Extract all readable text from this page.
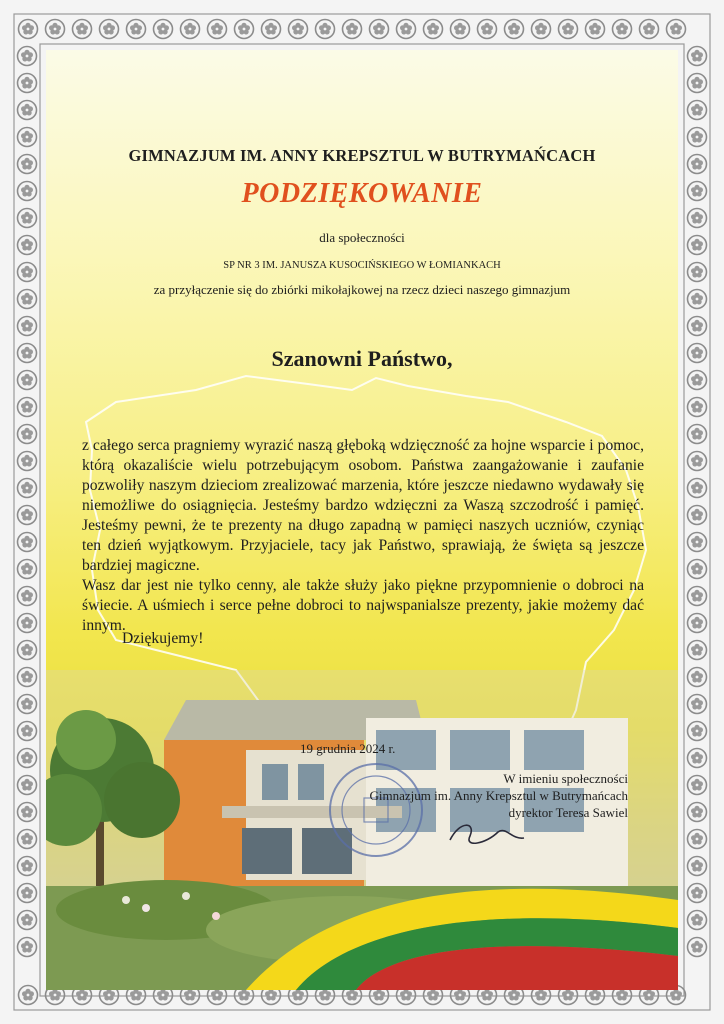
GIMNAZJUM IM. ANNY KREPSZTUL W BUTRYMAŃCACH
PODZIĘKOWANIE
dla społeczności
SP NR 3 IM. JANUSZA KUSOCIŃSKIEGO W ŁOMIANKACH
za przyłączenie się do zbiórki mikołajkowej na rzecz dzieci naszego gimnazjum
Szanowni Państwo,

z całego serca pragniemy wyrazić naszą głęboką wdzięczność za hojne wsparcie i pomoc, którą okazaliście wielu potrzebującym osobom. Państwa zaangażowanie i zaufanie pozwoliły naszym dzieciom zrealizować marzenia, które jeszcze niedawno wydawały się niemożliwe do osiągnięcia. Jesteśmy bardzo wdzięczni za Waszą szczodrość i pamięć. Jesteśmy pewni, że te prezenty na długo zapadną w pamięci naszych uczniów, czyniąc ten dzień wyjątkowym. Przyjaciele, tacy jak Państwo, sprawiają, że święta są jeszcze bardziej magiczne.

Wasz dar jest nie tylko cenny, ale także służy jako piękne przypomnienie o dobroci na świecie. A uśmiech i serce pełne dobroci to najwspanialsze prezenty, jakie możemy dać innym.

Dziękujemy!
19 grudnia 2024 r.
W imieniu społeczności
Gimnazjum im. Anny Krepsztul w Butrymańcach
dyrektor Teresa Sawiel
